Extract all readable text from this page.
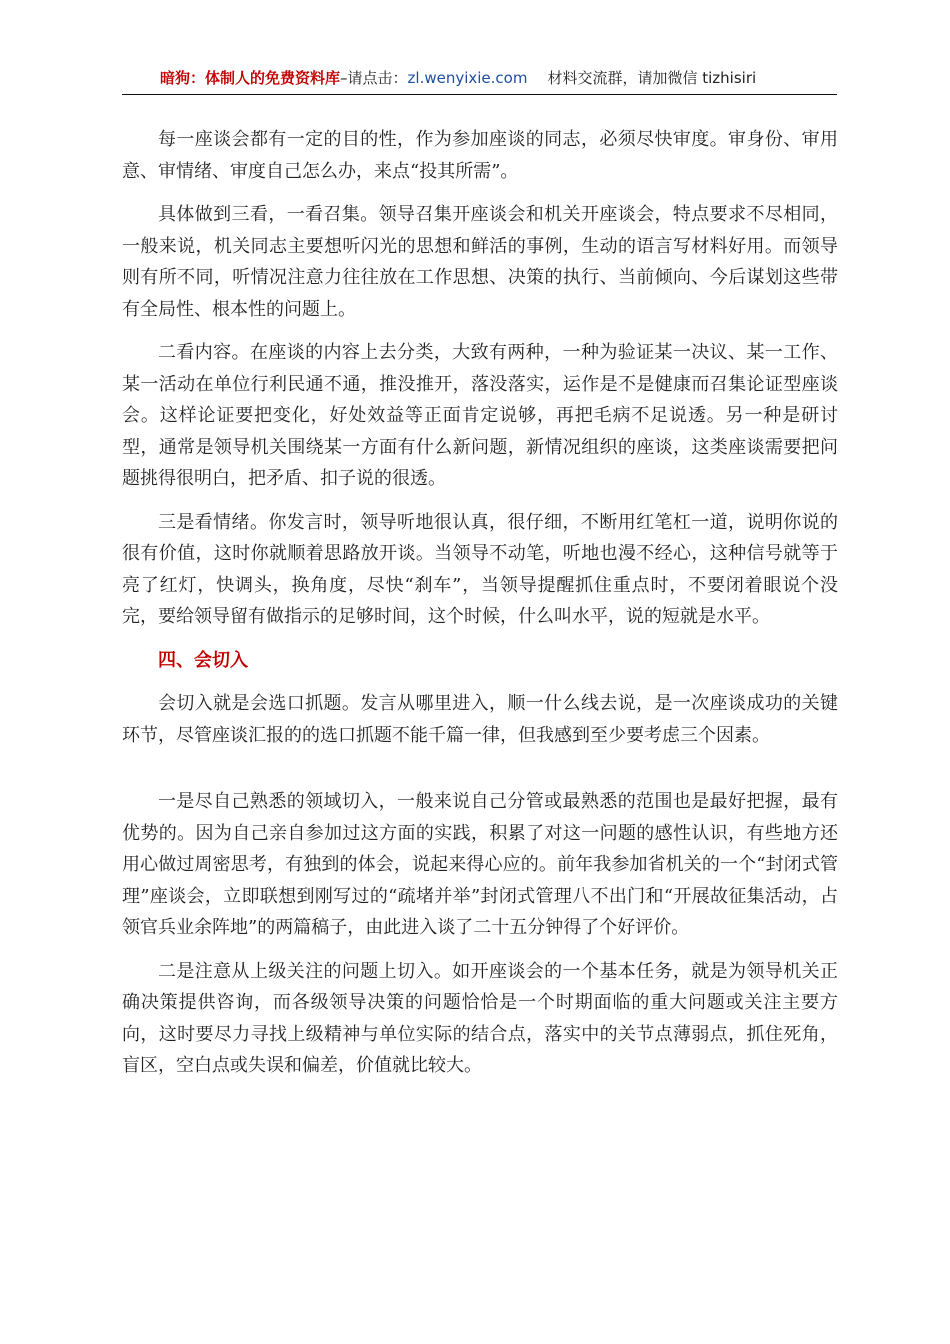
暗狗：体制人的免费资料库–请点击：zl.wenyixie.com 材料交流群，请加微信 tizhisiri

每一座谈会都有一定的目的性，作为参加座谈的同志，必须尽快审度。审身份、审用意、审情绪、审度自己怎么办，来点“投其所需”。

具体做到三看，一看召集。领导召集开座谈会和机关开座谈会，特点要求不尽相同，一般来说，机关同志主要想听闪光的思想和鲜活的事例，生动的语言写材料好用。而领导则有所不同，听情况注意力往往放在工作思想、决策的执行、当前倾向、今后谋划这些带有全局性、根本性的问题上。

二看内容。在座谈的内容上去分类，大致有两种，一种为验证某一决议、某一工作、某一活动在单位行利民通不通，推没推开，落没落实，运作是不是健康而召集论证型座谈会。这样论证要把变化，好处效益等正面肯定说够，再把毛病不足说透。另一种是研讨型，通常是领导机关围绕某一方面有什么新问题，新情况组织的座谈，这类座谈需要把问题挑得很明白，把矛盾、扣子说的很透。

三是看情绪。你发言时，领导听地很认真，很仔细，不断用红笔杠一道，说明你说的很有价值，这时你就顺着思路放开谈。当领导不动笔，听地也漫不经心，这种信号就等于亮了红灯，快调头，换角度，尽快“刹车”，当领导提醒抓住重点时，不要闭着眼说个没完，要给领导留有做指示的足够时间，这个时候，什么叫水平，说的短就是水平。

四、会切入

会切入就是会选口抓题。发言从哪里进入，顺一什么线去说，是一次座谈成功的关键环节，尽管座谈汇报的的选口抓题不能千篇一律，但我感到至少要考虑三个因素。

一是尽自己熟悉的领域切入，一般来说自己分管或最熟悉的范围也是最好把握，最有优势的。因为自己亲自参加过这方面的实践，积累了对这一问题的感性认识，有些地方还用心做过周密思考，有独到的体会，说起来得心应的。前年我参加省机关的一个“封闭式管理”座谈会，立即联想到刚写过的“疏堵并举”封闭式管理八不出门和“开展故征集活动，占领官兵业余阵地”的两篇稿子，由此进入谈了二十五分钟得了个好评价。

二是注意从上级关注的问题上切入。如开座谈会的一个基本任务，就是为领导机关正确决策提供咨询，而各级领导决策的问题恰恰是一个时期面临的重大问题或关注主要方向，这时要尽力寻找上级精神与单位实际的结合点，落实中的关节点薄弱点，抓住死角，盲区，空白点或失误和偏差，价值就比较大。
